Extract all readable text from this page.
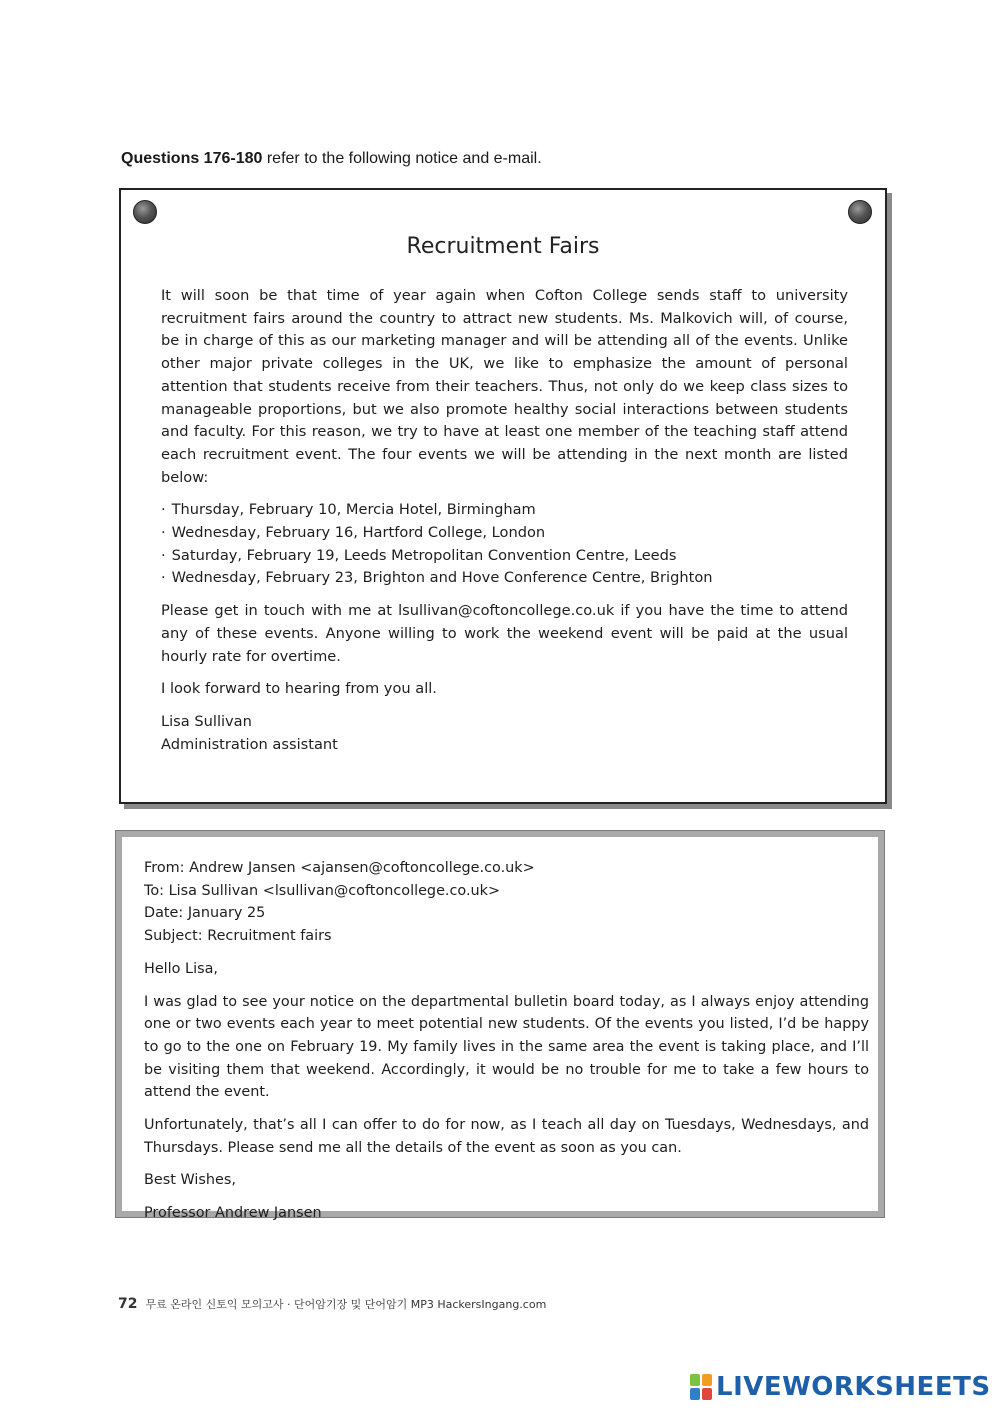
Questions 176-180 refer to the following notice and e-mail.
Recruitment Fairs

It will soon be that time of year again when Cofton College sends staff to university recruitment fairs around the country to attract new students. Ms. Malkovich will, of course, be in charge of this as our marketing manager and will be attending all of the events. Unlike other major private colleges in the UK, we like to emphasize the amount of personal attention that students receive from their teachers. Thus, not only do we keep class sizes to manageable proportions, but we also promote healthy social interactions between students and faculty. For this reason, we try to have at least one member of the teaching staff attend each recruitment event. The four events we will be attending in the next month are listed below:

· Thursday, February 10, Mercia Hotel, Birmingham
· Wednesday, February 16, Hartford College, London
· Saturday, February 19, Leeds Metropolitan Convention Centre, Leeds
· Wednesday, February 23, Brighton and Hove Conference Centre, Brighton

Please get in touch with me at lsullivan@coftoncollege.co.uk if you have the time to attend any of these events. Anyone willing to work the weekend event will be paid at the usual hourly rate for overtime.

I look forward to hearing from you all.

Lisa Sullivan

Administration assistant

From: Andrew Jansen <ajansen@coftoncollege.co.uk>

To: Lisa Sullivan <lsullivan@coftoncollege.co.uk>

Date: January 25

Subject: Recruitment fairs

Hello Lisa,

I was glad to see your notice on the departmental bulletin board today, as I always enjoy attending one or two events each year to meet potential new students. Of the events you listed, I’d be happy to go to the one on February 19. My family lives in the same area the event is taking place, and I’ll be visiting them that weekend. Accordingly, it would be no trouble for me to take a few hours to attend the event.

Unfortunately, that’s all I can offer to do for now, as I teach all day on Tuesdays, Wednesdays, and Thursdays. Please send me all the details of the event as soon as you can.

Best Wishes,

Professor Andrew Jansen

72 무료 온라인 신토익 모의고사 · 단어암기장 및 단어암기 MP3 HackersIngang.com
LIVEWORKSHEETS
